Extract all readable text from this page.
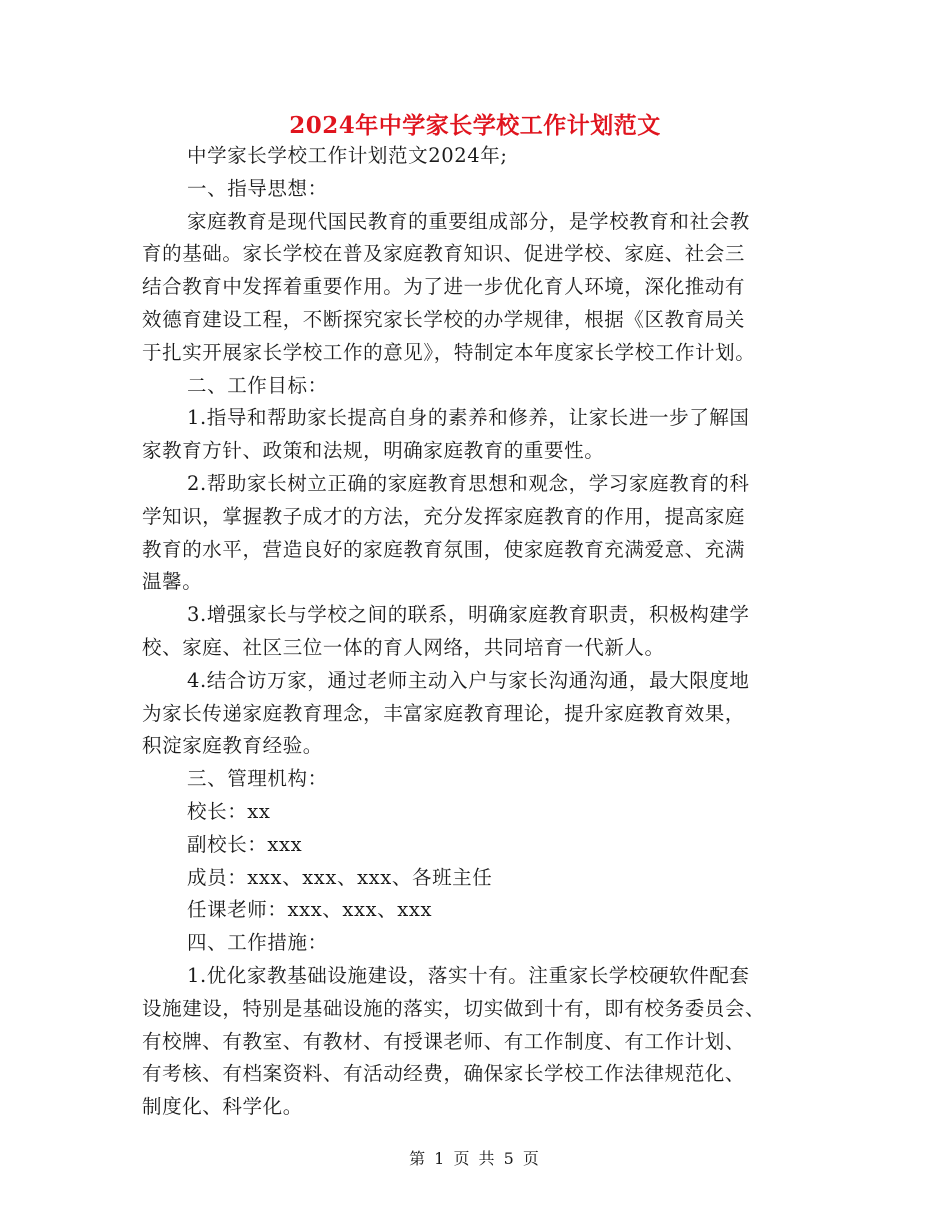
2024年中学家长学校工作计划范文
中学家长学校工作计划范文2024年;
一、指导思想：
家庭教育是现代国民教育的重要组成部分，是学校教育和社会教
育的基础。家长学校在普及家庭教育知识、促进学校、家庭、社会三
结合教育中发挥着重要作用。为了进一步优化育人环境，深化推动有
效德育建设工程，不断探究家长学校的办学规律，根据《区教育局关
于扎实开展家长学校工作的意见》，特制定本年度家长学校工作计划。
二、工作目标：
1.指导和帮助家长提高自身的素养和修养，让家长进一步了解国
家教育方针、政策和法规，明确家庭教育的重要性。
2.帮助家长树立正确的家庭教育思想和观念，学习家庭教育的科
学知识，掌握教子成才的方法，充分发挥家庭教育的作用，提高家庭
教育的水平，营造良好的家庭教育氛围，使家庭教育充满爱意、充满
温馨。
3.增强家长与学校之间的联系，明确家庭教育职责，积极构建学
校、家庭、社区三位一体的育人网络，共同培育一代新人。
4.结合访万家，通过老师主动入户与家长沟通沟通，最大限度地
为家长传递家庭教育理念，丰富家庭教育理论，提升家庭教育效果，
积淀家庭教育经验。
三、管理机构：
校长：xx
副校长：xxx
成员：xxx、xxx、xxx、各班主任
任课老师：xxx、xxx、xxx
四、工作措施：
1.优化家教基础设施建设，落实十有。注重家长学校硬软件配套
设施建设，特别是基础设施的落实，切实做到十有，即有校务委员会、
有校牌、有教室、有教材、有授课老师、有工作制度、有工作计划、
有考核、有档案资料、有活动经费，确保家长学校工作法律规范化、
制度化、科学化。
第 1 页 共 5 页
